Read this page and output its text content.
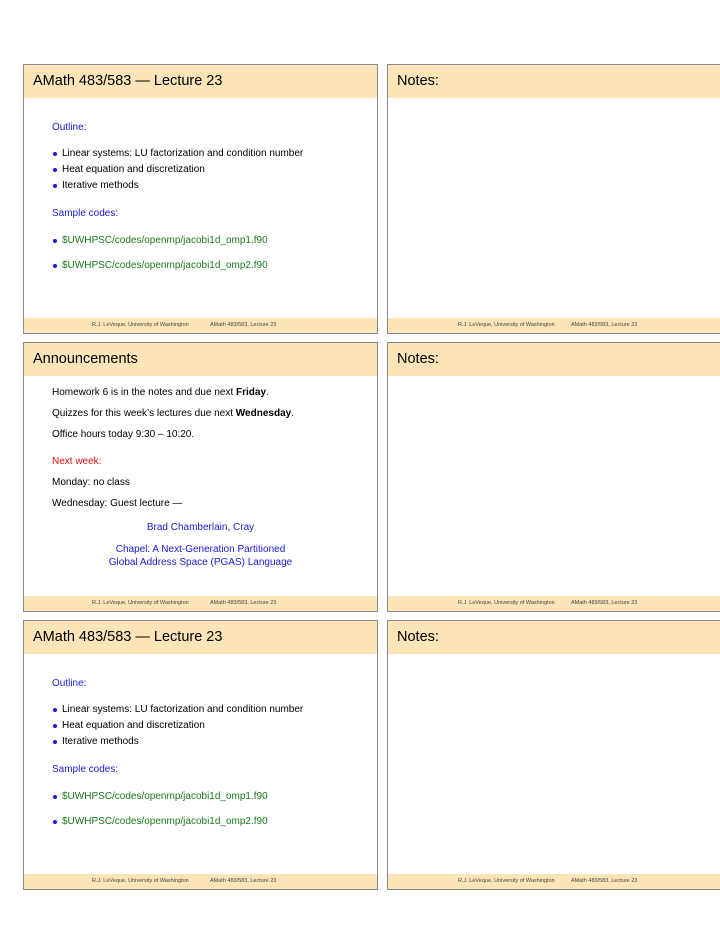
AMath 483/583 — Lecture 23
Outline:
Linear systems: LU factorization and condition number
Heat equation and discretization
Iterative methods
Sample codes:
$UWHPSC/codes/openmp/jacobi1d_omp1.f90
$UWHPSC/codes/openmp/jacobi1d_omp2.f90
R.J. LeVeque, University of Washington	AMath 483/583, Lecture 23
Notes:
R.J. LeVeque, University of Washington	AMath 483/583, Lecture 23
Announcements
Homework 6 is in the notes and due next Friday.
Quizzes for this week’s lectures due next Wednesday.
Office hours today 9:30 – 10:20.
Next week:
Monday: no class
Wednesday: Guest lecture —
Brad Chamberlain, Cray
Chapel: A Next-Generation Partitioned
Global Address Space (PGAS) Language
R.J. LeVeque, University of Washington	AMath 483/583, Lecture 23
Notes:
R.J. LeVeque, University of Washington	AMath 483/583, Lecture 23
AMath 483/583 — Lecture 23
Outline:
Linear systems: LU factorization and condition number
Heat equation and discretization
Iterative methods
Sample codes:
$UWHPSC/codes/openmp/jacobi1d_omp1.f90
$UWHPSC/codes/openmp/jacobi1d_omp2.f90
R.J. LeVeque, University of Washington	AMath 483/583, Lecture 23
Notes:
R.J. LeVeque, University of Washington	AMath 483/583, Lecture 23
